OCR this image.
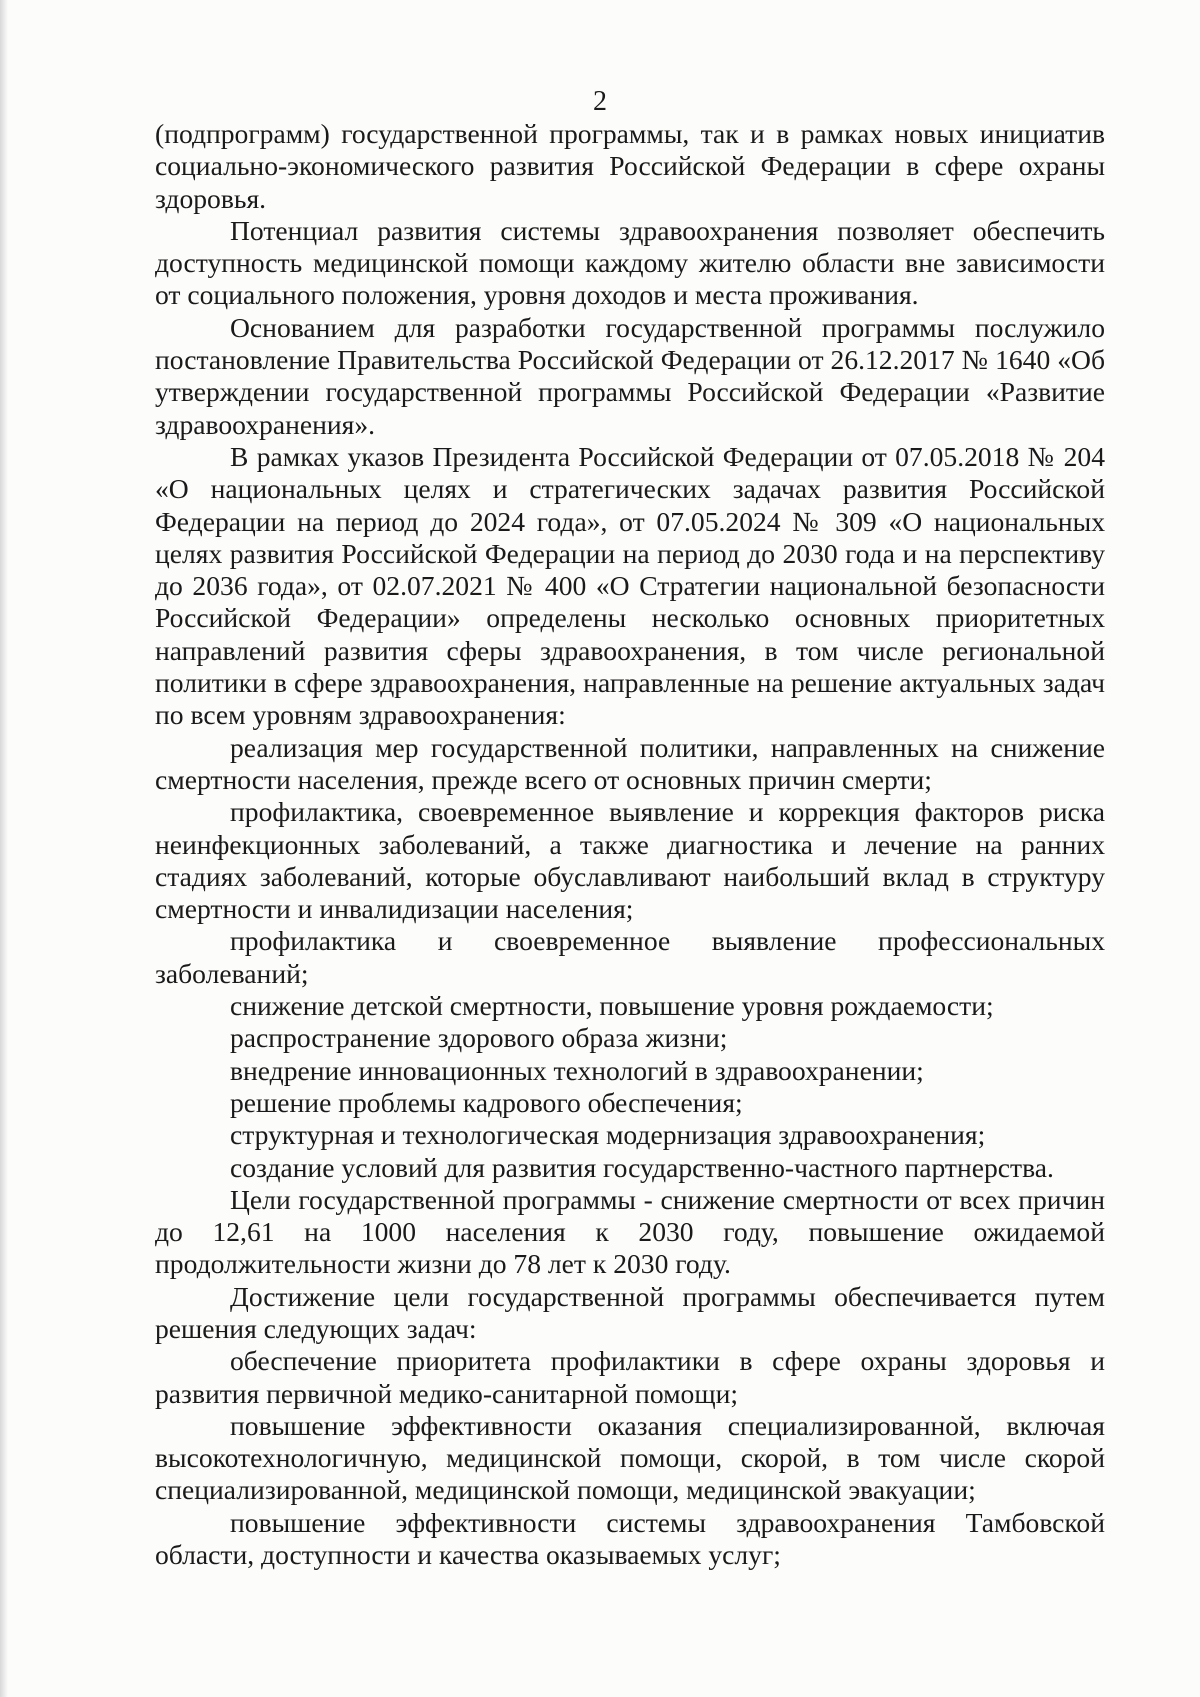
2

(подпрограмм) государственной программы, так и в рамках новых инициатив социально-экономического развития Российской Федерации в сфере охраны здоровья.

Потенциал развития системы здравоохранения позволяет обеспечить доступность медицинской помощи каждому жителю области вне зависимости от социального положения, уровня доходов и места проживания.

Основанием для разработки государственной программы послужило постановление Правительства Российской Федерации от 26.12.2017 № 1640 «Об утверждении государственной программы Российской Федерации «Развитие здравоохранения».

В рамках указов Президента Российской Федерации от 07.05.2018 № 204 «О национальных целях и стратегических задачах развития Российской Федерации на период до 2024 года», от 07.05.2024 № 309 «О национальных целях развития Российской Федерации на период до 2030 года и на перспективу до 2036 года», от 02.07.2021 № 400 «О Стратегии национальной безопасности Российской Федерации» определены несколько основных приоритетных направлений развития сферы здравоохранения, в том числе региональной политики в сфере здравоохранения, направленные на решение актуальных задач по всем уровням здравоохранения:

реализация мер государственной политики, направленных на снижение смертности населения, прежде всего от основных причин смерти;

профилактика, своевременное выявление и коррекция факторов риска неинфекционных заболеваний, а также диагностика и лечение на ранних стадиях заболеваний, которые обуславливают наибольший вклад в структуру смертности и инвалидизации населения;

профилактика и своевременное выявление профессиональных заболеваний;

снижение детской смертности, повышение уровня рождаемости;

распространение здорового образа жизни;

внедрение инновационных технологий в здравоохранении;

решение проблемы кадрового обеспечения;

структурная и технологическая модернизация здравоохранения;

создание условий для развития государственно-частного партнерства.

Цели государственной программы - снижение смертности от всех причин до 12,61 на 1000 населения к 2030 году, повышение ожидаемой продолжительности жизни до 78 лет к 2030 году.

Достижение цели государственной программы обеспечивается путем решения следующих задач:

обеспечение приоритета профилактики в сфере охраны здоровья и развития первичной медико-санитарной помощи;

повышение эффективности оказания специализированной, включая высокотехнологичную, медицинской помощи, скорой, в том числе скорой специализированной, медицинской помощи, медицинской эвакуации;

повышение эффективности системы здравоохранения Тамбовской области, доступности и качества оказываемых услуг;
